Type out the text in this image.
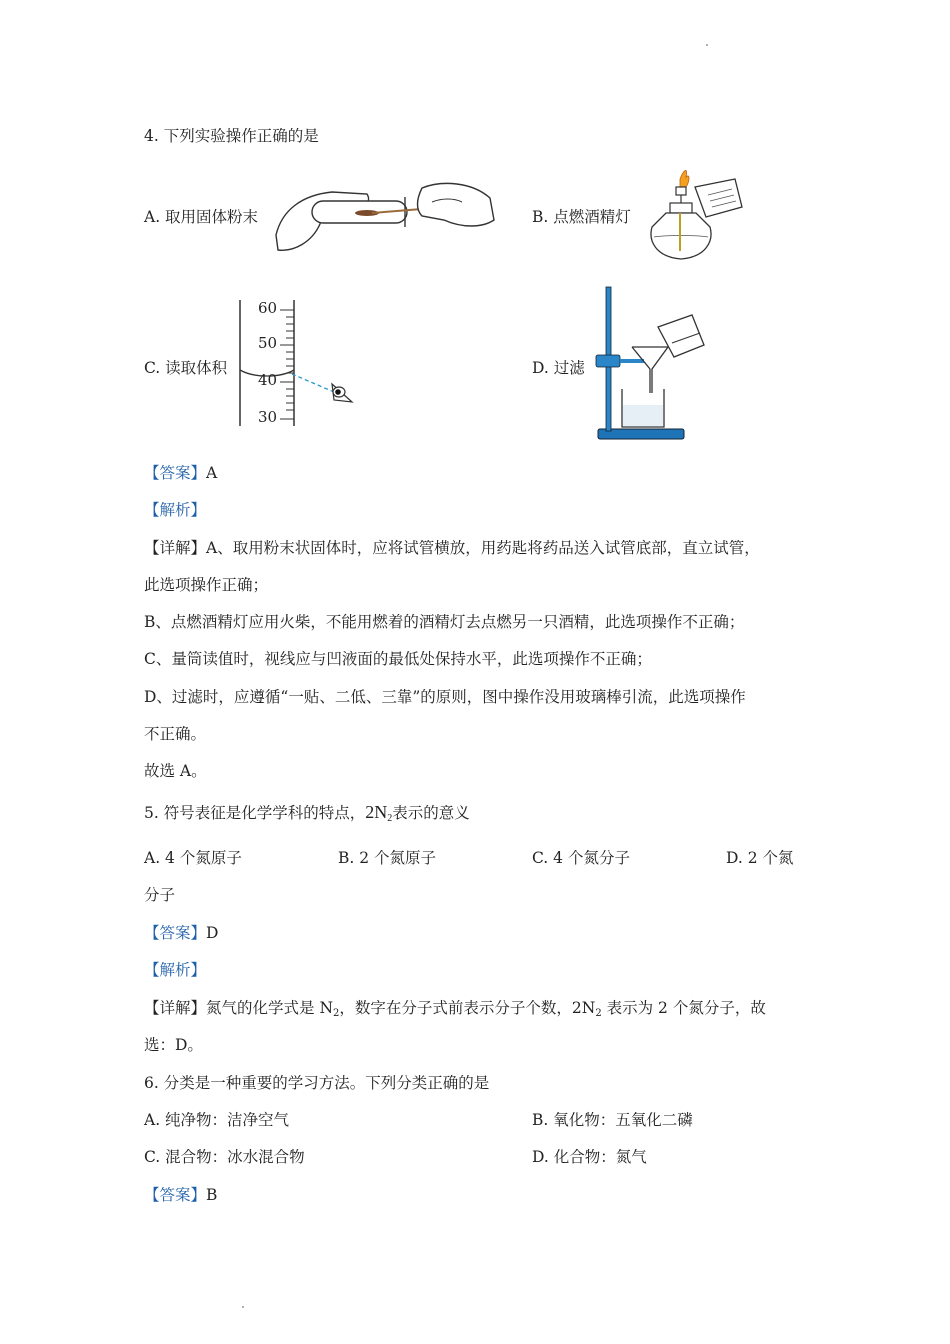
4. 下列实验操作正确的是
A. 取用固体粉末	B. 点燃酒精灯
C. 读取体积
60
50
40
30
D. 过滤
【答案】A
【解析】
【详解】A、取用粉末状固体时，应将试管横放，用药匙将药品送入试管底部，直立试管，
此选项操作正确；
B、点燃酒精灯应用火柴，不能用燃着的酒精灯去点燃另一只酒精，此选项操作不正确；
C、量筒读值时，视线应与凹液面的最低处保持水平，此选项操作不正确；
D、过滤时，应遵循“一贴、二低、三靠”的原则，图中操作没用玻璃棒引流，此选项操作
不正确。
故选 A。
5. 符号表征是化学学科的特点，$2N_2$表示的意义
A. 4 个氮原子	B. 2 个氮原子	C. 4 个氮分子	D. 2 个氮
分子
【答案】D
【解析】
【详解】氮气的化学式是 $N_2$，数字在分子式前表示分子个数，$2N_2$ 表示为 2 个氮分子，故
选：D。
6. 分类是一种重要的学习方法。下列分类正确的是
A. 纯净物：洁净空气	B. 氧化物：五氧化二磷
C. 混合物：冰水混合物	D. 化合物：氮气
【答案】B
